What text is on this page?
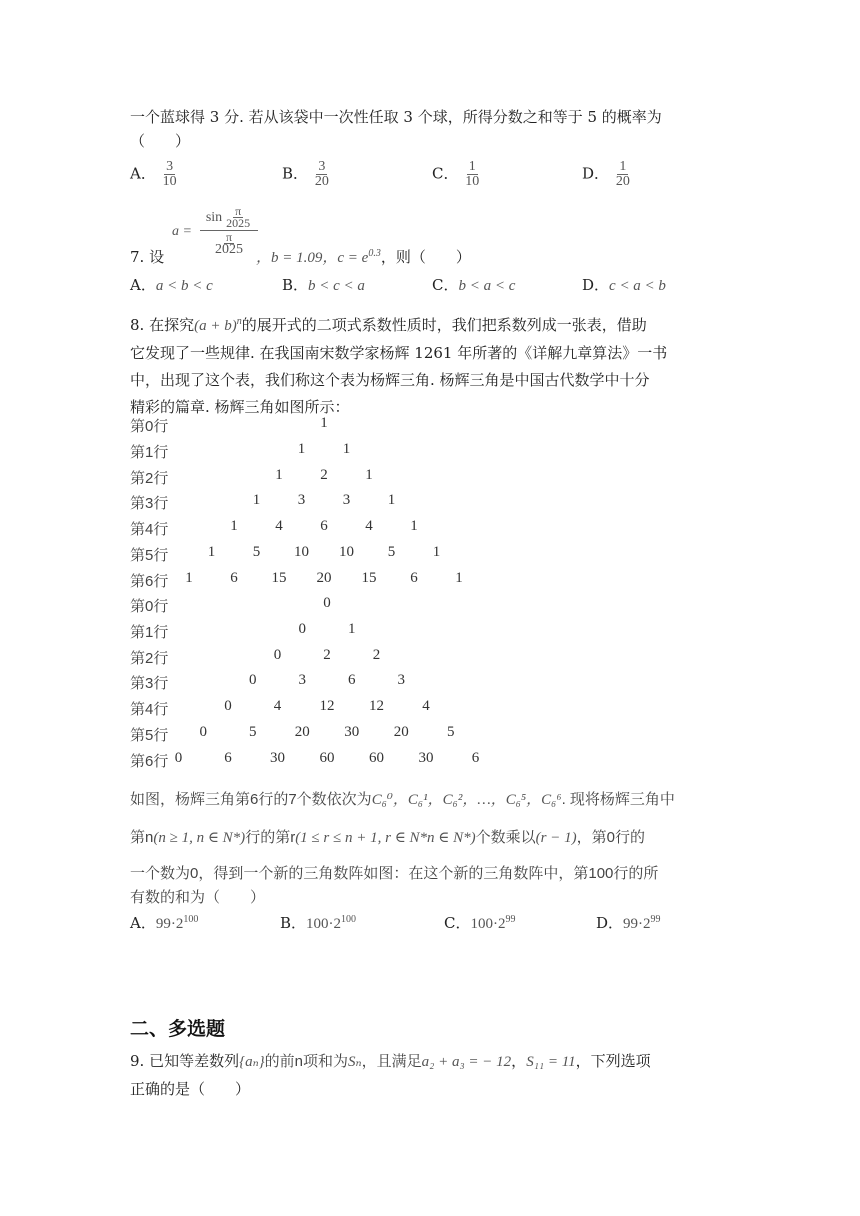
一个蓝球得 3 分. 若从该袋中一次性任取 3 个球，所得分数之和等于 5 的概率为
（　　）
A． $\frac{3}{10}$	B． $\frac{3}{20}$	C． $\frac{1}{10}$	D． $\frac{1}{20}$
7. 设
a =
$\sin \frac{\pi}{2025}$
$\frac{\pi}{2025}$
，b = 1.09，$c = e^{0.3}$，则（　　）
A．a < b < c	B．b < c < a	C．b < a < c	D．c < a < b
8. 在探究$(a + b)^n$的展开式的二项式系数性质时，我们把系数列成一张表，借助
它发现了一些规律. 在我国南宋数学家杨辉 1261 年所著的《详解九章算法》一书
中，出现了这个表，我们称这个表为杨辉三角. 杨辉三角是中国古代数学中十分
精彩的篇章. 杨辉三角如图所示：
第0行	1
第1行	1	1
第2行	1	2	1
第3行	1	3	3	1
第4行	1	4	6	4	1
第5行	1	5 10 10 5	1
第6行 1	6 15 20 15 6	1
第0行	0
第1行	0	1
第2行	0	2	2
第3行	0	3	6	3
第4行	0	4	12 12	4
第5行 0	5	20 30 20	5
第6行 0	6	30 60 60 30	6
如图，杨辉三角第6行的7个数依次为C₆⁰，C₆¹，C₆²，…，C₆⁵，C₆⁶. 现将杨辉三角中
第n(n ≥ 1, n ∈ N*)行的第r(1 ≤ r ≤ n + 1, r ∈ N*n ∈ N*)个数乘以(r − 1)，第0行的
一个数为0，得到一个新的三角数阵如图：在这个新的三角数阵中，第100行的所
有数的和为（　　）
A．$99\cdot 2^{100}$	B．$100\cdot 2^{100}$	C．$100\cdot 2^{99}$	D．$99\cdot 2^{99}$
二、多选题
9. 已知等差数列{aₙ}的前n项和为Sₙ，且满足a₂ + a₃ = − 12，S₁₁ = 11，下列选项
正确的是（　　）
